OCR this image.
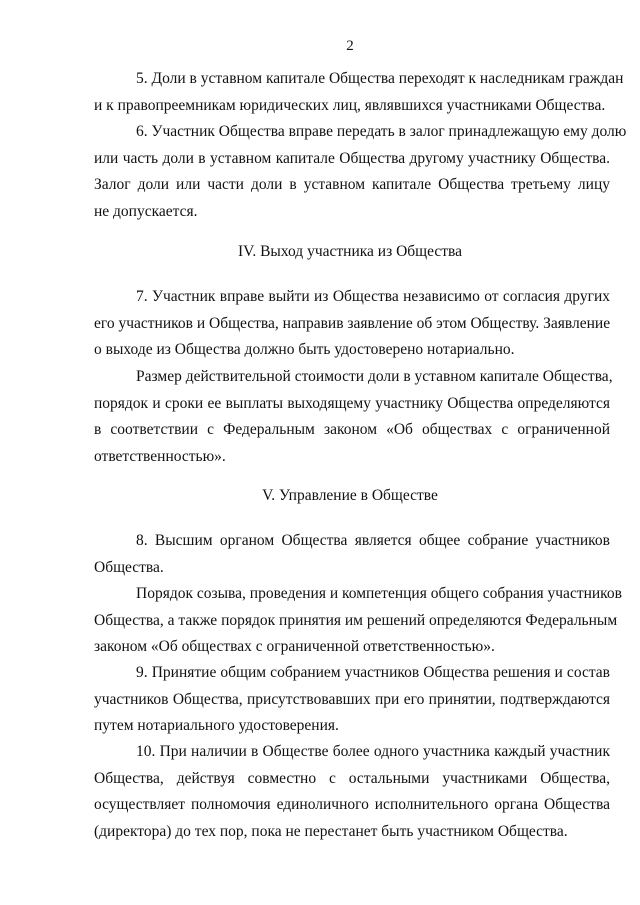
2
5. Доли в уставном капитале Общества переходят к наследникам граждан
и к правопреемникам юридических лиц, являвшихся участниками Общества.
6. Участник Общества вправе передать в залог принадлежащую ему долю
или часть доли в уставном капитале Общества другому участнику Общества.
Залог доли или части доли в уставном капитале Общества третьему лицу
не допускается.
IV. Выход участника из Общества
7. Участник вправе выйти из Общества независимо от согласия других
его участников и Общества, направив заявление об этом Обществу. Заявление
о выходе из Общества должно быть удостоверено нотариально.
Размер действительной стоимости доли в уставном капитале Общества,
порядок и сроки ее выплаты выходящему участнику Общества определяются
в соответствии с Федеральным законом «Об обществах с ограниченной
ответственностью».
V. Управление в Обществе
8. Высшим органом Общества является общее собрание участников
Общества.
Порядок созыва, проведения и компетенция общего собрания участников
Общества, а также порядок принятия им решений определяются Федеральным
законом «Об обществах с ограниченной ответственностью».
9. Принятие общим собранием участников Общества решения и состав
участников Общества, присутствовавших при его принятии, подтверждаются
путем нотариального удостоверения.
10. При наличии в Обществе более одного участника каждый участник
Общества, действуя совместно с остальными участниками Общества,
осуществляет полномочия единоличного исполнительного органа Общества
(директора) до тех пор, пока не перестанет быть участником Общества.
